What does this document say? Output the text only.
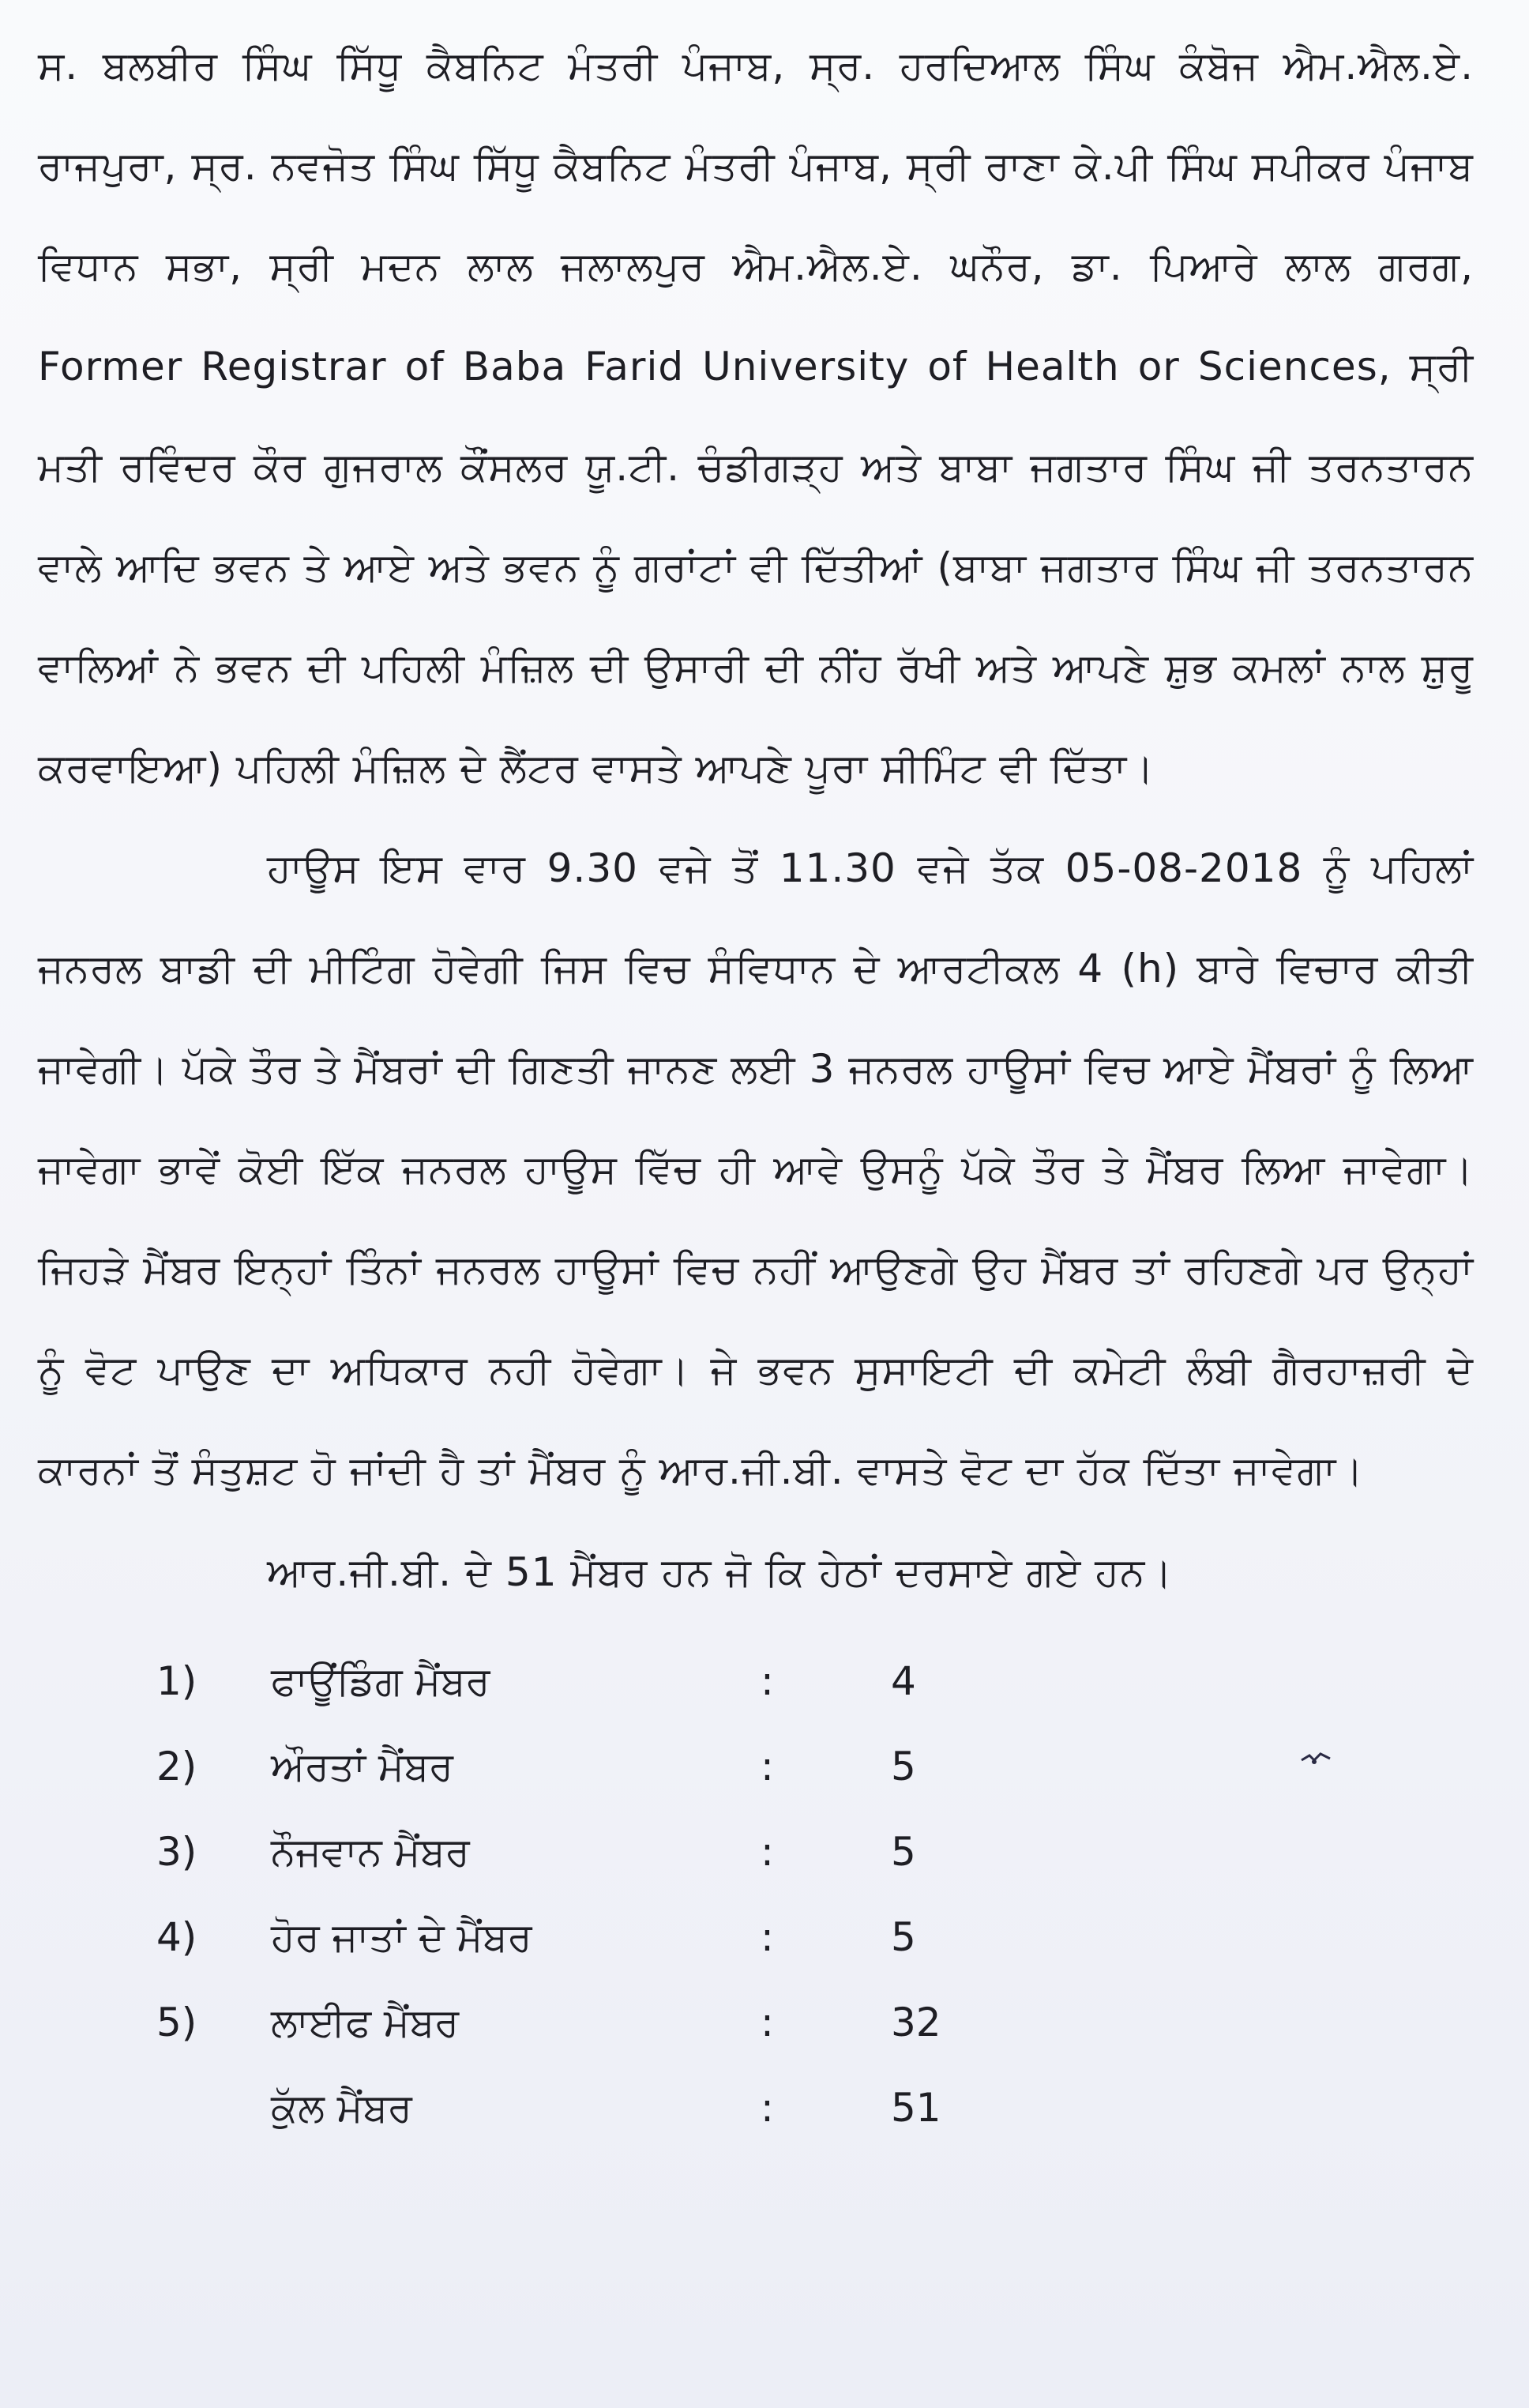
ਸ. ਬਲਬੀਰ ਸਿੰਘ ਸਿੱਧੂ ਕੈਬਨਿਟ ਮੰਤਰੀ ਪੰਜਾਬ, ਸ੍ਰ. ਹਰਦਿਆਲ ਸਿੰਘ ਕੰਬੋਜ ਐਮ.ਐਲ.ਏ. ਰਾਜਪੁਰਾ, ਸ੍ਰ. ਨਵਜੋਤ ਸਿੰਘ ਸਿੱਧੂ ਕੈਬਨਿਟ ਮੰਤਰੀ ਪੰਜਾਬ, ਸ੍ਰੀ ਰਾਣਾ ਕੇ.ਪੀ ਸਿੰਘ ਸਪੀਕਰ ਪੰਜਾਬ ਵਿਧਾਨ ਸਭਾ, ਸ੍ਰੀ ਮਦਨ ਲਾਲ ਜਲਾਲਪੁਰ ਐਮ.ਐਲ.ਏ. ਘਨੌਰ, ਡਾ. ਪਿਆਰੇ ਲਾਲ ਗਰਗ, Former Registrar of Baba Farid University of Health or Sciences, ਸ੍ਰੀ ਮਤੀ ਰਵਿੰਦਰ ਕੌਰ ਗੁਜਰਾਲ ਕੌਂਸਲਰ ਯੂ.ਟੀ. ਚੰਡੀਗੜ੍ਹ ਅਤੇ ਬਾਬਾ ਜਗਤਾਰ ਸਿੰਘ ਜੀ ਤਰਨਤਾਰਨ ਵਾਲੇ ਆਦਿ ਭਵਨ ਤੇ ਆਏ ਅਤੇ ਭਵਨ ਨੂੰ ਗਰਾਂਟਾਂ ਵੀ ਦਿੱਤੀਆਂ (ਬਾਬਾ ਜਗਤਾਰ ਸਿੰਘ ਜੀ ਤਰਨਤਾਰਨ ਵਾਲਿਆਂ ਨੇ ਭਵਨ ਦੀ ਪਹਿਲੀ ਮੰਜ਼ਿਲ ਦੀ ਉਸਾਰੀ ਦੀ ਨੀਂਹ ਰੱਖੀ ਅਤੇ ਆਪਣੇ ਸ਼ੁਭ ਕਮਲਾਂ ਨਾਲ ਸ਼ੁਰੂ ਕਰਵਾਇਆ) ਪਹਿਲੀ ਮੰਜ਼ਿਲ ਦੇ ਲੈਂਟਰ ਵਾਸਤੇ ਆਪਣੇ ਪੂਰਾ ਸੀਮਿੰਟ ਵੀ ਦਿੱਤਾ।

ਹਾਊਸ ਇਸ ਵਾਰ 9.30 ਵਜੇ ਤੋਂ 11.30 ਵਜੇ ਤੱਕ 05-08-2018 ਨੂੰ ਪਹਿਲਾਂ ਜਨਰਲ ਬਾਡੀ ਦੀ ਮੀਟਿੰਗ ਹੋਵੇਗੀ ਜਿਸ ਵਿਚ ਸੰਵਿਧਾਨ ਦੇ ਆਰਟੀਕਲ 4 (h) ਬਾਰੇ ਵਿਚਾਰ ਕੀਤੀ ਜਾਵੇਗੀ। ਪੱਕੇ ਤੌਰ ਤੇ ਮੈਂਬਰਾਂ ਦੀ ਗਿਣਤੀ ਜਾਨਣ ਲਈ 3 ਜਨਰਲ ਹਾਊਸਾਂ ਵਿਚ ਆਏ ਮੈਂਬਰਾਂ ਨੂੰ ਲਿਆ ਜਾਵੇਗਾ ਭਾਵੇਂ ਕੋਈ ਇੱਕ ਜਨਰਲ ਹਾਊਸ ਵਿੱਚ ਹੀ ਆਵੇ ਉਸਨੂੰ ਪੱਕੇ ਤੌਰ ਤੇ ਮੈਂਬਰ ਲਿਆ ਜਾਵੇਗਾ। ਜਿਹੜੇ ਮੈਂਬਰ ਇਨ੍ਹਾਂ ਤਿੰਨਾਂ ਜਨਰਲ ਹਾਊਸਾਂ ਵਿਚ ਨਹੀਂ ਆਉਣਗੇ ਉਹ ਮੈਂਬਰ ਤਾਂ ਰਹਿਣਗੇ ਪਰ ਉਨ੍ਹਾਂ ਨੂੰ ਵੋਟ ਪਾਉਣ ਦਾ ਅਧਿਕਾਰ ਨਹੀ ਹੋਵੇਗਾ। ਜੇ ਭਵਨ ਸੁਸਾਇਟੀ ਦੀ ਕਮੇਟੀ ਲੰਬੀ ਗੈਰਹਾਜ਼ਰੀ ਦੇ ਕਾਰਨਾਂ ਤੋਂ ਸੰਤੁਸ਼ਟ ਹੋ ਜਾਂਦੀ ਹੈ ਤਾਂ ਮੈਂਬਰ ਨੂੰ ਆਰ.ਜੀ.ਬੀ. ਵਾਸਤੇ ਵੋਟ ਦਾ ਹੱਕ ਦਿੱਤਾ ਜਾਵੇਗਾ।

ਆਰ.ਜੀ.ਬੀ. ਦੇ 51 ਮੈਂਬਰ ਹਨ ਜੋ ਕਿ ਹੇਠਾਂ ਦਰਸਾਏ ਗਏ ਹਨ।

1)	ਫਾਊਂਡਿੰਗ ਮੈਂਬਰ	:	4
2)	ਔਰਤਾਂ ਮੈਂਬਰ	:	5
3)	ਨੌਜਵਾਨ ਮੈਂਬਰ	:	5
4)	ਹੋਰ ਜਾਤਾਂ ਦੇ ਮੈਂਬਰ	:	5
5)	ਲਾਈਫ ਮੈਂਬਰ	:	32
ਕੁੱਲ ਮੈਂਬਰ	:	51
